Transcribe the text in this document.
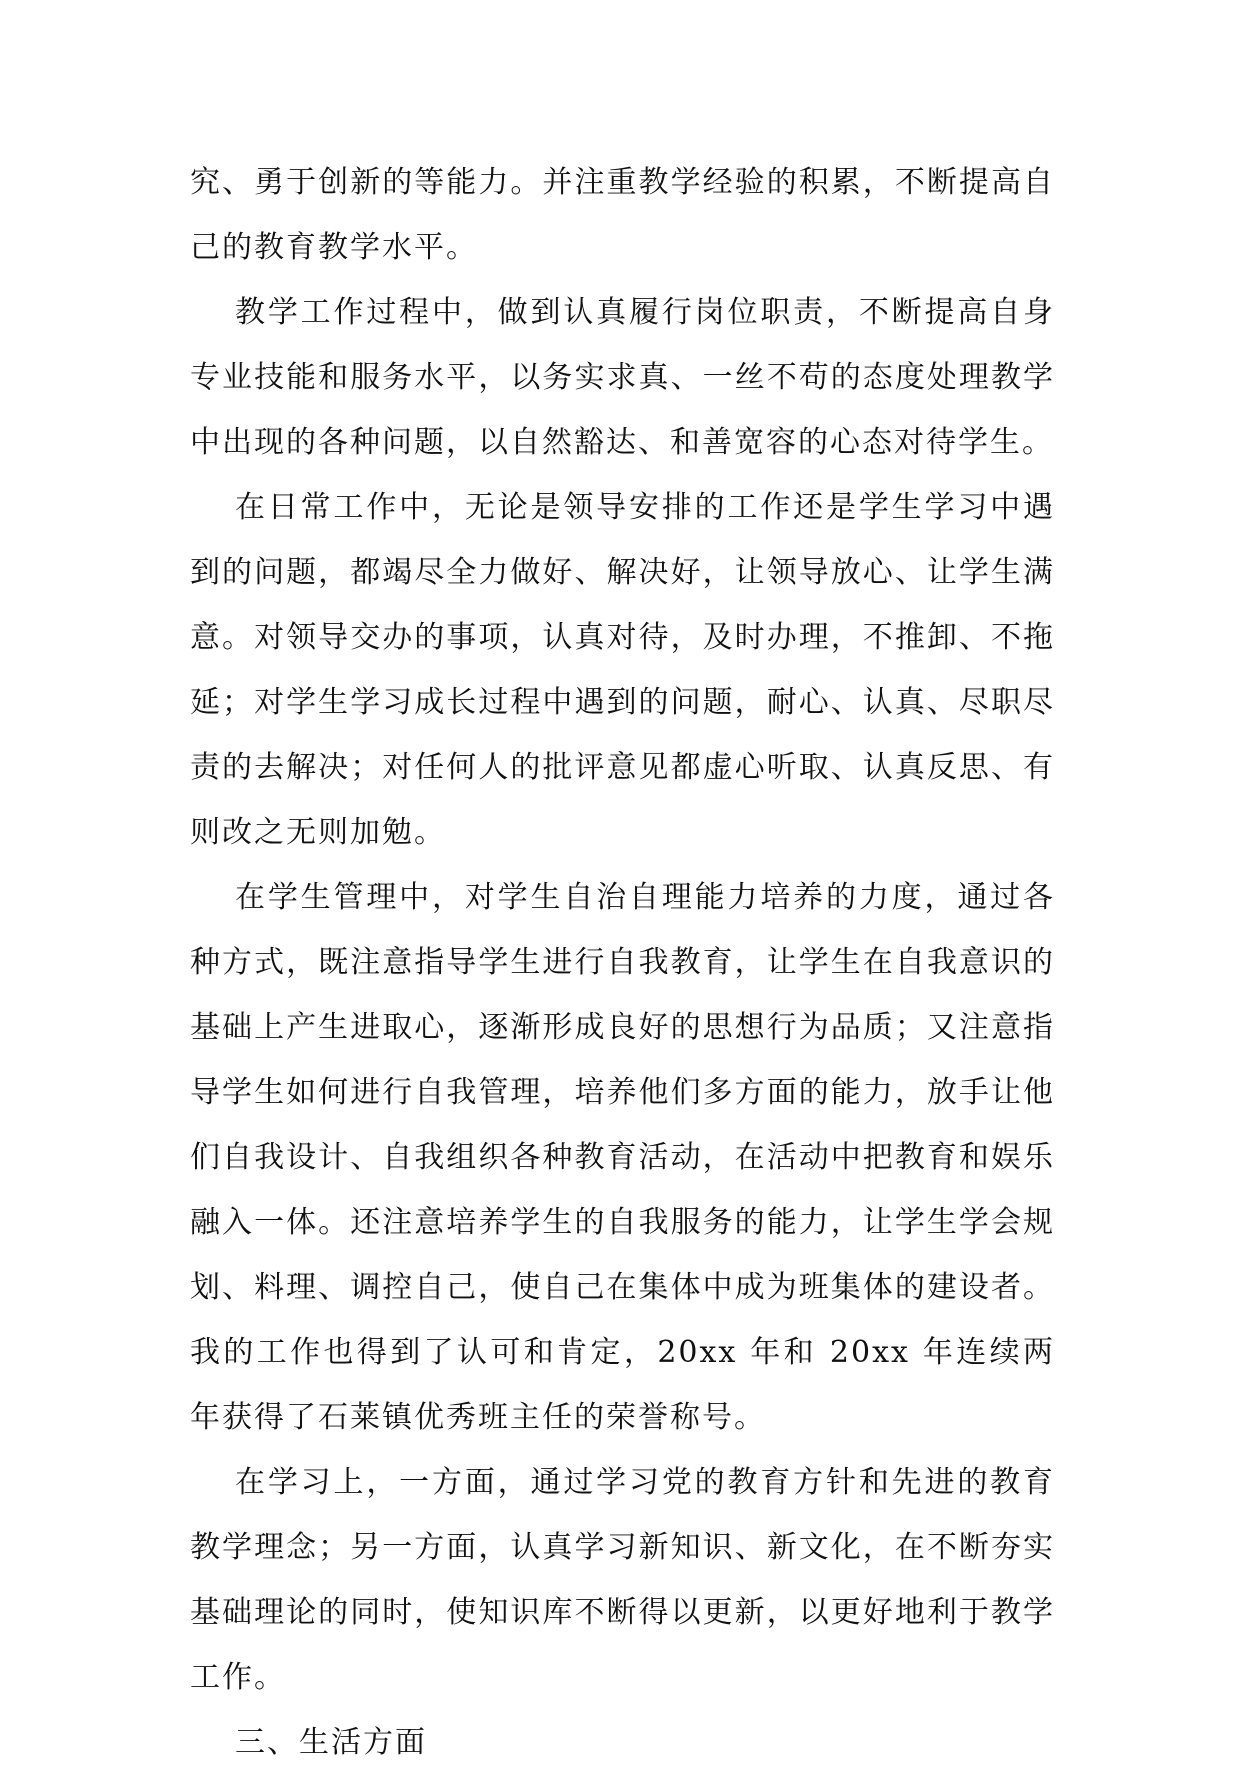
究、勇于创新的等能力。并注重教学经验的积累，不断提高自己的教育教学水平。

教学工作过程中，做到认真履行岗位职责，不断提高自身专业技能和服务水平，以务实求真、一丝不苟的态度处理教学中出现的各种问题，以自然豁达、和善宽容的心态对待学生。

在日常工作中，无论是领导安排的工作还是学生学习中遇到的问题，都竭尽全力做好、解决好，让领导放心、让学生满意。对领导交办的事项，认真对待，及时办理，不推卸、不拖延；对学生学习成长过程中遇到的问题，耐心、认真、尽职尽责的去解决；对任何人的批评意见都虚心听取、认真反思、有则改之无则加勉。

在学生管理中，对学生自治自理能力培养的力度，通过各种方式，既注意指导学生进行自我教育，让学生在自我意识的基础上产生进取心，逐渐形成良好的思想行为品质；又注意指导学生如何进行自我管理，培养他们多方面的能力，放手让他们自我设计、自我组织各种教育活动，在活动中把教育和娱乐融入一体。还注意培养学生的自我服务的能力，让学生学会规划、料理、调控自己，使自己在集体中成为班集体的建设者。我的工作也得到了认可和肯定，20xx 年和 20xx 年连续两年获得了石莱镇优秀班主任的荣誉称号。

在学习上，一方面，通过学习党的教育方针和先进的教育教学理念；另一方面，认真学习新知识、新文化，在不断夯实基础理论的同时，使知识库不断得以更新，以更好地利于教学工作。

三、生活方面
